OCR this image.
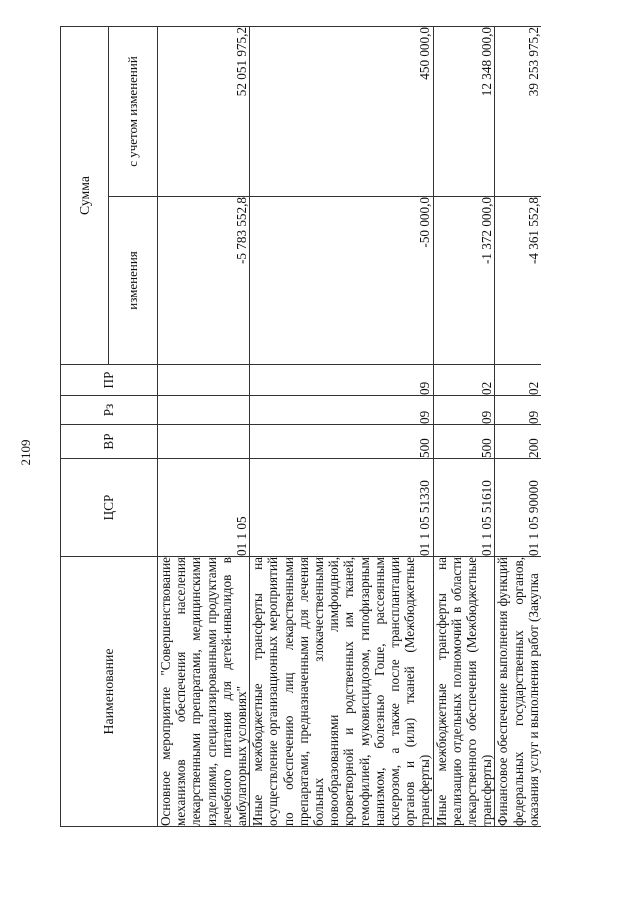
2109
Наименование	ЦСР	ВР	Рз	ПР	Сумма	
					изменения	с учетом изменений
Основное мероприятие "Совершенствование механизмов обеспечения населения лекарственными препаратами, медицинскими изделиями, специализированными продуктами лечебного питания для детей-инвалидов в амбулаторных условиях"	01 1 05				-5 783 552,8	52 051 975,2
Иные межбюджетные трансферты на осуществление организационных мероприятий по обеспечению лиц лекарственными препаратами, предназначенными для лечения больных злокачественными новообразованиями лимфоидной, кроветворной и родственных им тканей, гемофилией, муковисцидозом, гипофизарным нанизмом, болезнью Гоше, рассеянным склерозом, а также после трансплантации органов и (или) тканей (Межбюджетные трансферты)	01 1 05 51330	500	09	09	-50 000,0	450 000,0
Иные межбюджетные трансферты на реализацию отдельных полномочий в области лекарственного обеспечения (Межбюджетные трансферты)	01 1 05 51610	500	09	02	-1 372 000,0	12 348 000,0
Финансовое обеспечение выполнения функций федеральных государственных органов, оказания услуг и выполнения работ (Закупка	01 1 05 90000	200	09	02	-4 361 552,8	39 253 975,2
